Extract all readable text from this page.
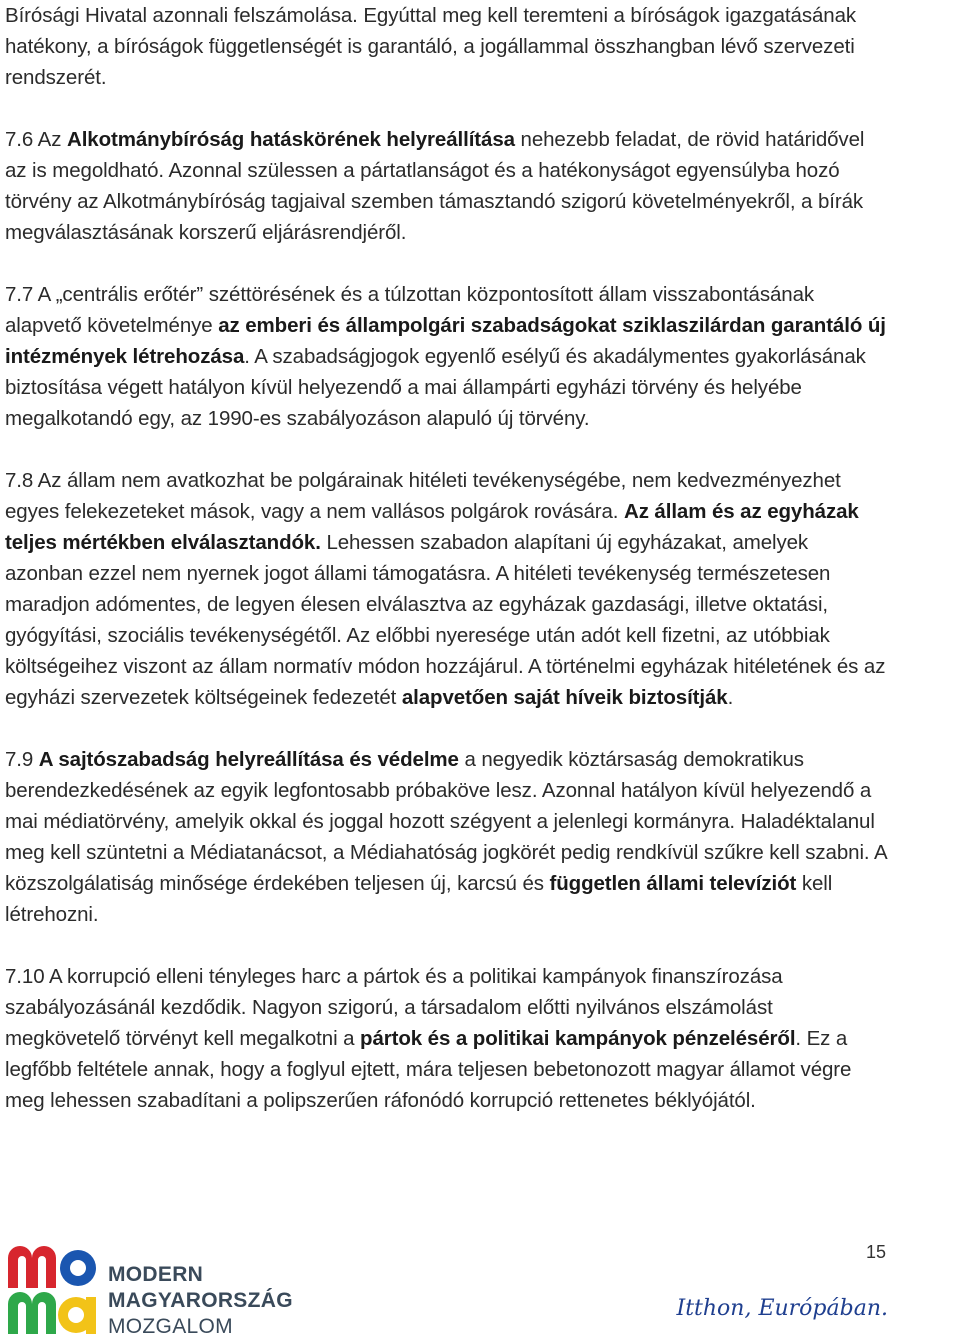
Bírósági Hivatal azonnali felszámolása. Egyúttal meg kell teremteni a bíróságok igazgatásának hatékony, a bíróságok függetlenségét is garantáló, a jogállammal összhangban lévő szervezeti rendszerét.

7.6 Az Alkotmánybíróság hatáskörének helyreállítása nehezebb feladat, de rövid határidővel az is megoldható. Azonnal szülessen a pártatlanságot és a hatékonyságot egyensúlyba hozó törvény az Alkotmánybíróság tagjaival szemben támasztandó szigorú követelményekről, a bírák megválasztásának korszerű eljárásrendjéről.

7.7 A „centrális erőtér” széttörésének és a túlzottan központosított állam visszabontásának alapvető követelménye az emberi és állampolgári szabadságokat sziklaszilárdan garantáló új intézmények létrehozása. A szabadságjogok egyenlő esélyű és akadálymentes gyakorlásának biztosítása végett hatályon kívül helyezendő a mai állampárti egyházi törvény és helyébe megalkotandó egy, az 1990-es szabályozáson alapuló új törvény.

7.8 Az állam nem avatkozhat be polgárainak hitéleti tevékenységébe, nem kedvezményezhet egyes felekezeteket mások, vagy a nem vallásos polgárok rovására. Az állam és az egyházak teljes mértékben elválasztandók. Lehessen szabadon alapítani új egyházakat, amelyek azonban ezzel nem nyernek jogot állami támogatásra. A hitéleti tevékenység természetesen maradjon adómentes, de legyen élesen elválasztva az egyházak gazdasági, illetve oktatási, gyógyítási, szociális tevékenységétől. Az előbbi nyeresége után adót kell fizetni, az utóbbiak költségeihez viszont az állam normatív módon hozzájárul. A történelmi egyházak hitéletének és az egyházi szervezetek költségeinek fedezetét alapvetően saját híveik biztosítják.

7.9 A sajtószabadság helyreállítása és védelme a negyedik köztársaság demokratikus berendezkedésének az egyik legfontosabb próbaköve lesz. Azonnal hatályon kívül helyezendő a mai médiatörvény, amelyik okkal és joggal hozott szégyent a jelenlegi kormányra. Haladéktalanul meg kell szüntetni a Médiatanácsot, a Médiahatóság jogkörét pedig rendkívül szűkre kell szabni. A közszolgálatiság minősége érdekében teljesen új, karcsú és független állami televíziót kell létrehozni.

7.10 A korrupció elleni tényleges harc a pártok és a politikai kampányok finanszírozása szabályozásánál kezdődik. Nagyon szigorú, a társadalom előtti nyilvános elszámolást megkövetelő törvényt kell megalkotni a pártok és a politikai kampányok pénzeléséről. Ez a legfőbb feltétele annak, hogy a foglyul ejtett, mára teljesen bebetonozott magyar államot végre meg lehessen szabadítani a polipszerűen ráfonódó korrupció rettenetes béklyójától.

MODERN
MAGYARORSZÁG
MOZGALOM
15
Itthon, Európában.
